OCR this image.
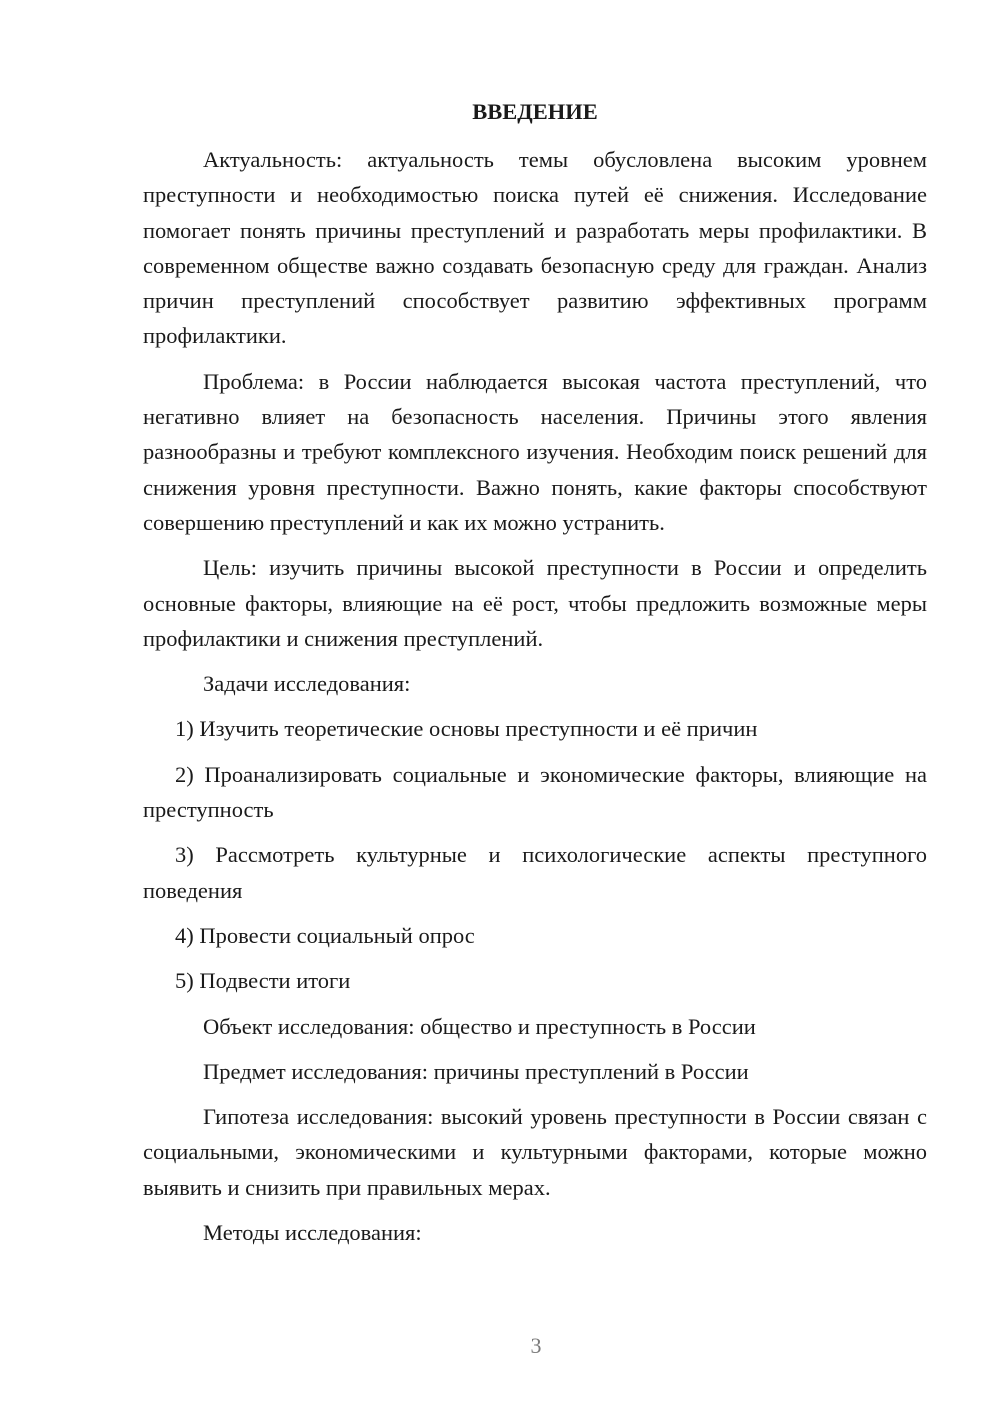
ВВЕДЕНИЕ

Актуальность: актуальность темы обусловлена высоким уровнем преступности и необходимостью поиска путей её снижения. Исследование помогает понять причины преступлений и разработать меры профилактики. В современном обществе важно создавать безопасную среду для граждан. Анализ причин преступлений способствует развитию эффективных программ профилактики.

Проблема: в России наблюдается высокая частота преступлений, что негативно влияет на безопасность населения. Причины этого явления разнообразны и требуют комплексного изучения. Необходим поиск решений для снижения уровня преступности. Важно понять, какие факторы способствуют совершению преступлений и как их можно устранить.

Цель: изучить причины высокой преступности в России и определить основные факторы, влияющие на её рост, чтобы предложить возможные меры профилактики и снижения преступлений.

Задачи исследования:

1) Изучить теоретические основы преступности и её причин

2) Проанализировать социальные и экономические факторы, влияющие на преступность

3) Рассмотреть культурные и психологические аспекты преступного поведения

4) Провести социальный опрос

5) Подвести итоги

Объект исследования: общество и преступность в России

Предмет исследования: причины преступлений в России

Гипотеза исследования: высокий уровень преступности в России связан с социальными, экономическими и культурными факторами, которые можно выявить и снизить при правильных мерах.

Методы исследования:

3
